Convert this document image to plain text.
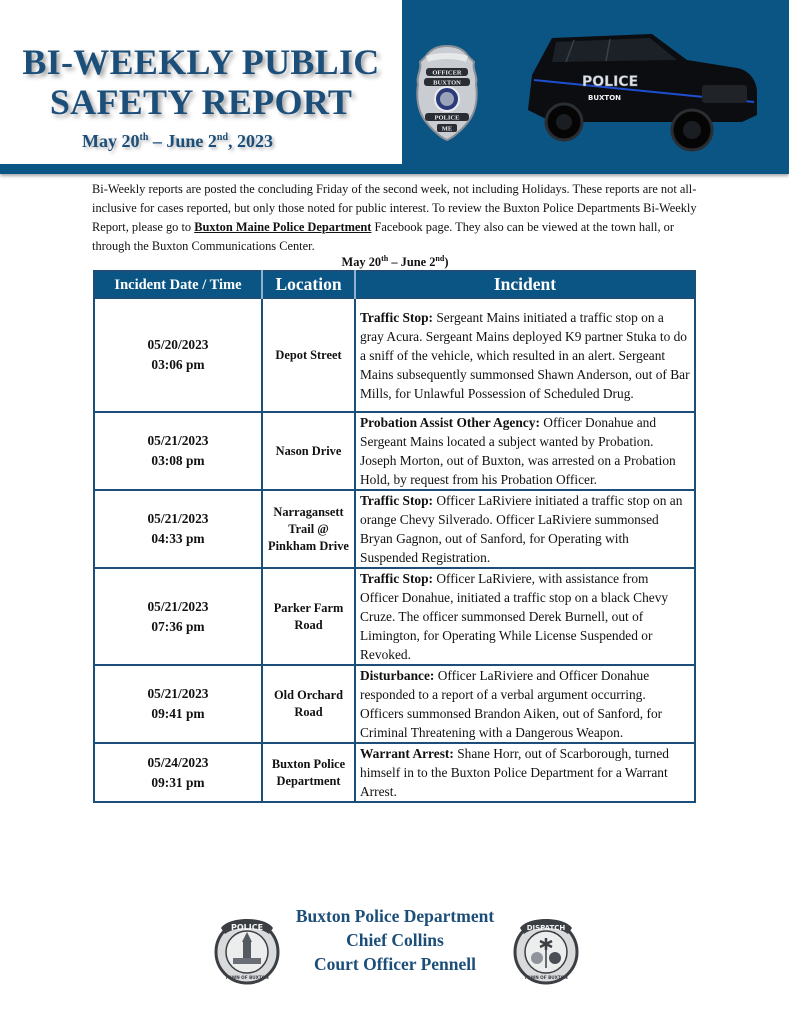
BI-WEEKLY PUBLIC
SAFETY REPORT
May 20th – June 2nd, 2023
OFFICER
BUXTON
POLICE
ME
POLICE
BUXTON
Bi-Weekly reports are posted the concluding Friday of the second week, not including Holidays. These reports are not all-inclusive for cases reported, but only those noted for public interest. To review the Buxton Police Departments Bi-Weekly Report, please go to Buxton Maine Police Department Facebook page. They also can be viewed at the town hall, or through the Buxton Communications Center.
May 20th – June 2nd)
Incident Date / Time	Location	Incident

05/20/2023
03:06 pm	Depot Street	Traffic Stop: Sergeant Mains initiated a traffic stop on a gray Acura. Sergeant Mains deployed K9 partner Stuka to do a sniff of the vehicle, which resulted in an alert. Sergeant Mains subsequently summonsed Shawn Anderson, out of Bar Mills, for Unlawful Possession of Scheduled Drug.

05/21/2023
03:08 pm	Nason Drive	Probation Assist Other Agency: Officer Donahue and Sergeant Mains located a subject wanted by Probation. Joseph Morton, out of Buxton, was arrested on a Probation Hold, by request from his Probation Officer.

05/21/2023
04:33 pm	Narragansett Trail @ Pinkham Drive	Traffic Stop: Officer LaRiviere initiated a traffic stop on an orange Chevy Silverado. Officer LaRiviere summonsed Bryan Gagnon, out of Sanford, for Operating with Suspended Registration.

05/21/2023
07:36 pm	Parker Farm Road	Traffic Stop: Officer LaRiviere, with assistance from Officer Donahue, initiated a traffic stop on a black Chevy Cruze. The officer summonsed Derek Burnell, out of Limington, for Operating While License Suspended or Revoked.

05/21/2023
09:41 pm	Old Orchard Road	Disturbance: Officer LaRiviere and Officer Donahue responded to a report of a verbal argument occurring. Officers summonsed Brandon Aiken, out of Sanford, for Criminal Threatening with a Dangerous Weapon.

05/24/2023
09:31 pm	Buxton Police Department	Warrant Arrest: Shane Horr, out of Scarborough, turned himself in to the Buxton Police Department for a Warrant Arrest.
POLICE
TOWN OF BUXTON
Buxton Police Department
Chief Collins
Court Officer Pennell
DISPATCH
TOWN OF BUXTON
